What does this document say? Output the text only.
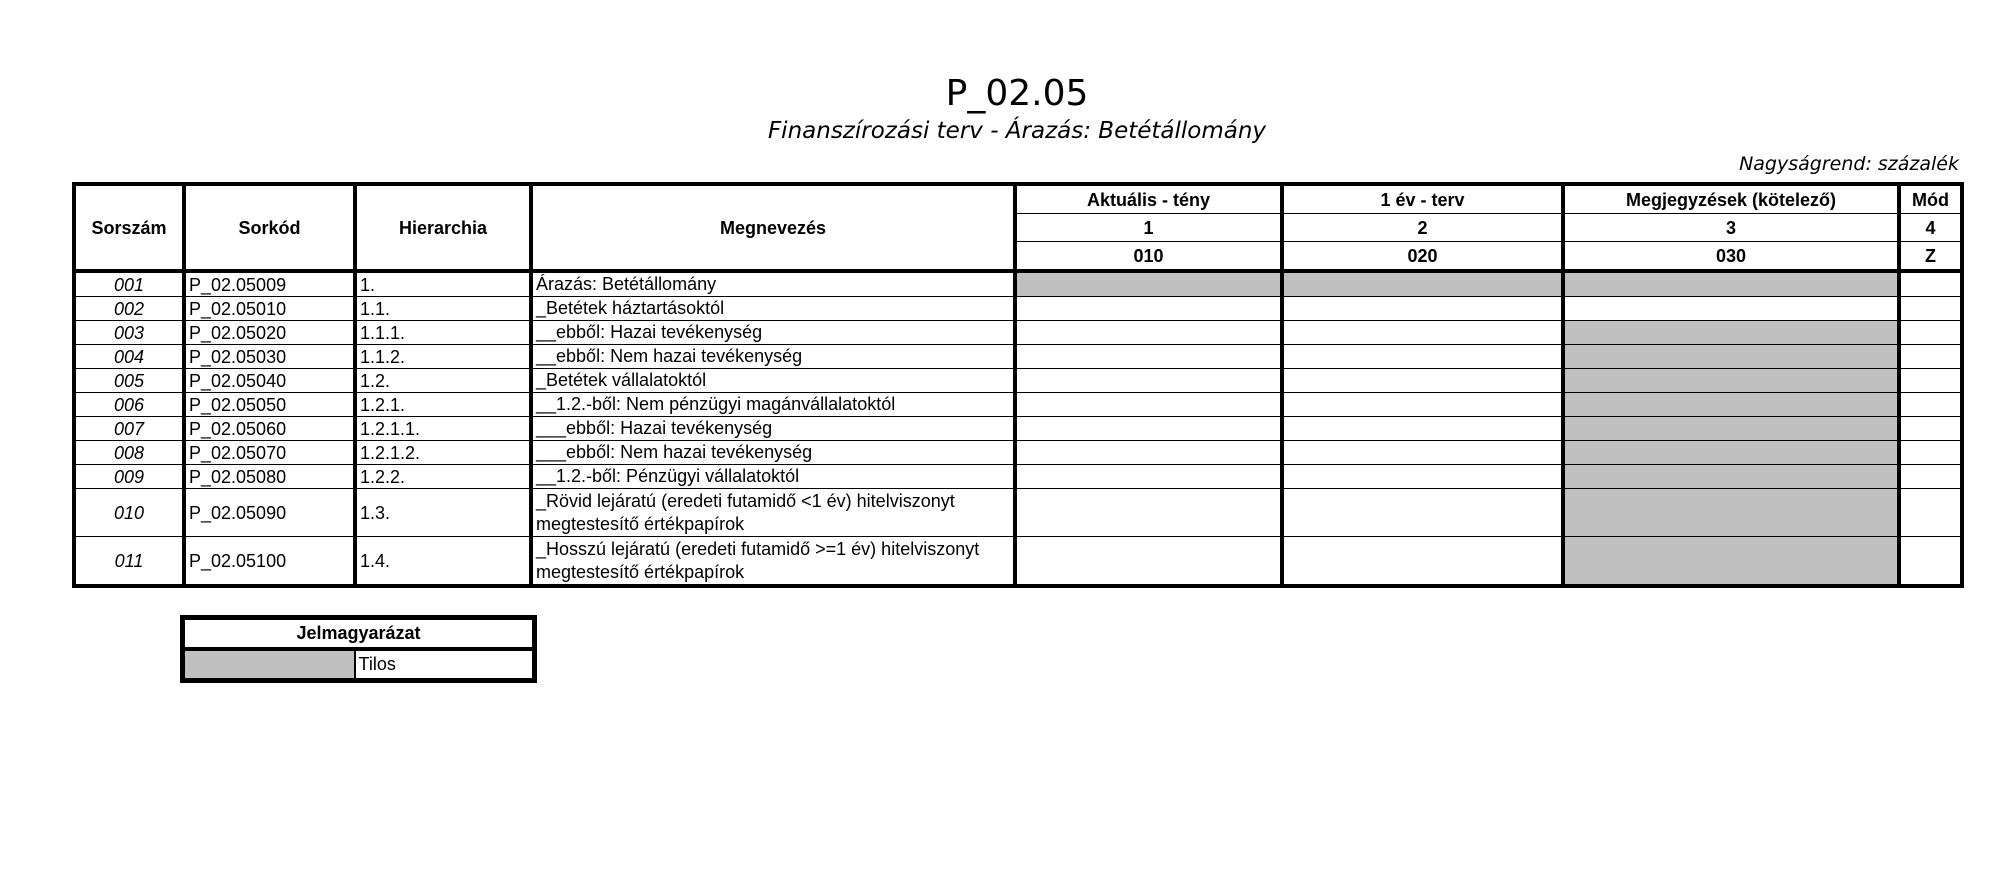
P_02.05
Finanszírozási terv - Árazás: Betétállomány
Nagyságrend: százalék
Sorszám	Sorkód	Hierarchia	Megnevezés	Aktuális - tény	1 év - terv	Megjegyzések (kötelező)	Mód
				1	2	3	4
				010	020	030	Z
001	P_02.05009	1.	Árazás: Betétállomány				
002	P_02.05010	1.1.	_Betétek háztartásoktól				
003	P_02.05020	1.1.1.	__ebből: Hazai tevékenység				
004	P_02.05030	1.1.2.	__ebből: Nem hazai tevékenység				
005	P_02.05040	1.2.	_Betétek vállalatoktól				
006	P_02.05050	1.2.1.	__1.2.-ből: Nem pénzügyi magánvállalatoktól				
007	P_02.05060	1.2.1.1.	___ebből: Hazai tevékenység				
008	P_02.05070	1.2.1.2.	___ebből: Nem hazai tevékenység				
009	P_02.05080	1.2.2.	__1.2.-ből: Pénzügyi vállalatoktól				
010	P_02.05090	1.3.	_Rövid lejáratú (eredeti futamidő <1 év) hitelviszonyt megtestesítő értékpapírok				
011	P_02.05100	1.4.	_Hosszú lejáratú (eredeti futamidő >=1 év) hitelviszonyt megtestesítő értékpapírok				
Jelmagyarázat
	Tilos
